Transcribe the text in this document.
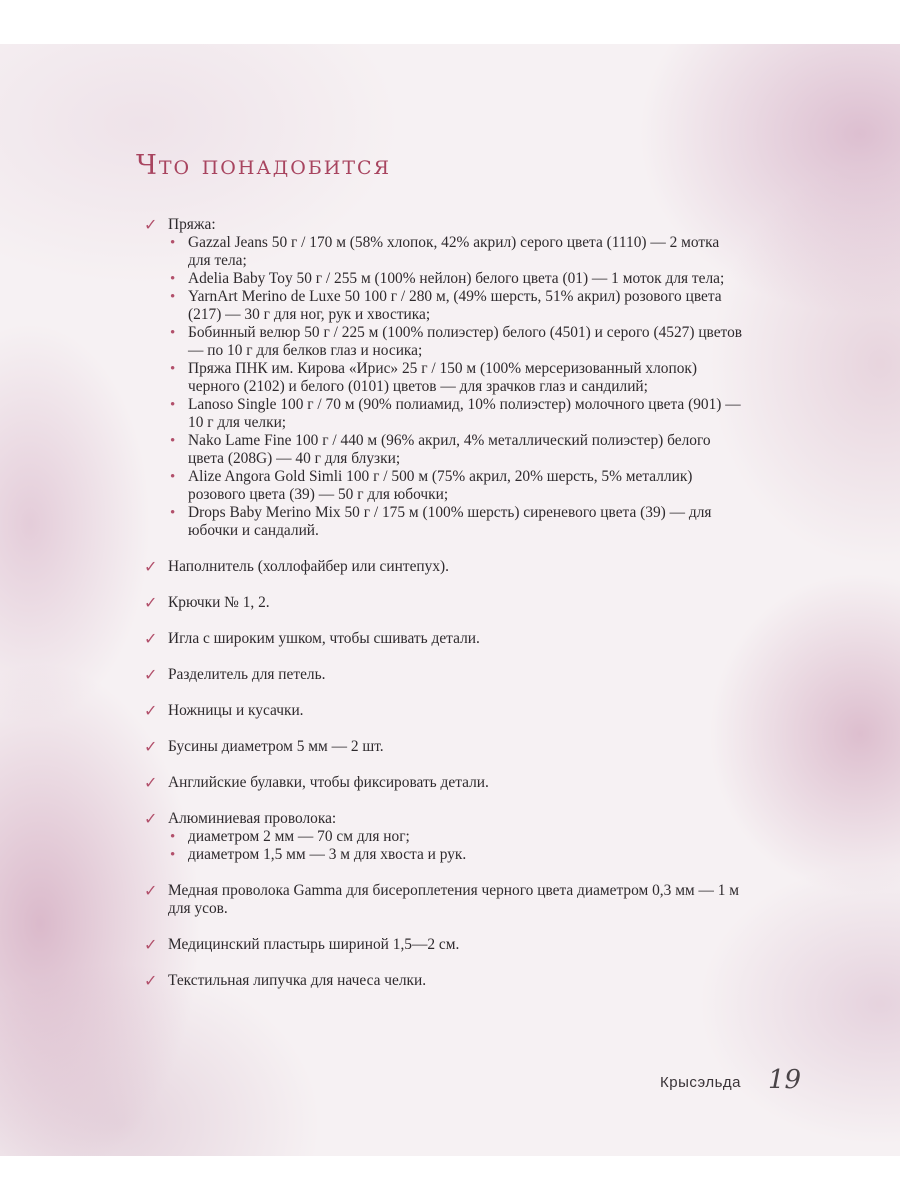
Что понадобится
✓ Пряжа:
• Gazzal Jeans 50 г / 170 м (58% хлопок, 42% акрил) серого цвета (1110) — 2 мотка для тела;
• Adelia Baby Toy 50 г / 255 м (100% нейлон) белого цвета (01) — 1 моток для тела;
• YarnArt Merino de Luxe 50 100 г / 280 м, (49% шерсть, 51% акрил) розового цвета (217) — 30 г для ног, рук и хвостика;
• Бобинный велюр 50 г / 225 м (100% полиэстер) белого (4501) и серого (4527) цветов — по 10 г для белков глаз и носика;
• Пряжа ПНК им. Кирова «Ирис» 25 г / 150 м (100% мерсеризованный хлопок) черного (2102) и белого (0101) цветов — для зрачков глаз и сандилий;
• Lanoso Single 100 г / 70 м (90% полиамид, 10% полиэстер) молочного цвета (901) — 10 г для челки;
• Nako Lame Fine 100 г / 440 м (96% акрил, 4% металлический полиэстер) белого цвета (208G) — 40 г для блузки;
• Alize Angora Gold Simli 100 г / 500 м (75% акрил, 20% шерсть, 5% металлик) розового цвета (39) — 50 г для юбочки;
• Drops Baby Merino Mix 50 г / 175 м (100% шерсть) сиреневого цвета (39) — для юбочки и сандалий.
✓ Наполнитель (холлофайбер или синтепух).
✓ Крючки № 1, 2.
✓ Игла с широким ушком, чтобы сшивать детали.
✓ Разделитель для петель.
✓ Ножницы и кусачки.
✓ Бусины диаметром 5 мм — 2 шт.
✓ Английские булавки, чтобы фиксировать детали.
✓ Алюминиевая проволока:
• диаметром 2 мм — 70 см для ног;
• диаметром 1,5 мм — 3 м для хвоста и рук.
✓ Медная проволока Gamma для бисероплетения черного цвета диаметром 0,3 мм — 1 м для усов.
✓ Медицинский пластырь шириной 1,5—2 см.
✓ Текстильная липучка для начеса челки.
Крысэльда 19
